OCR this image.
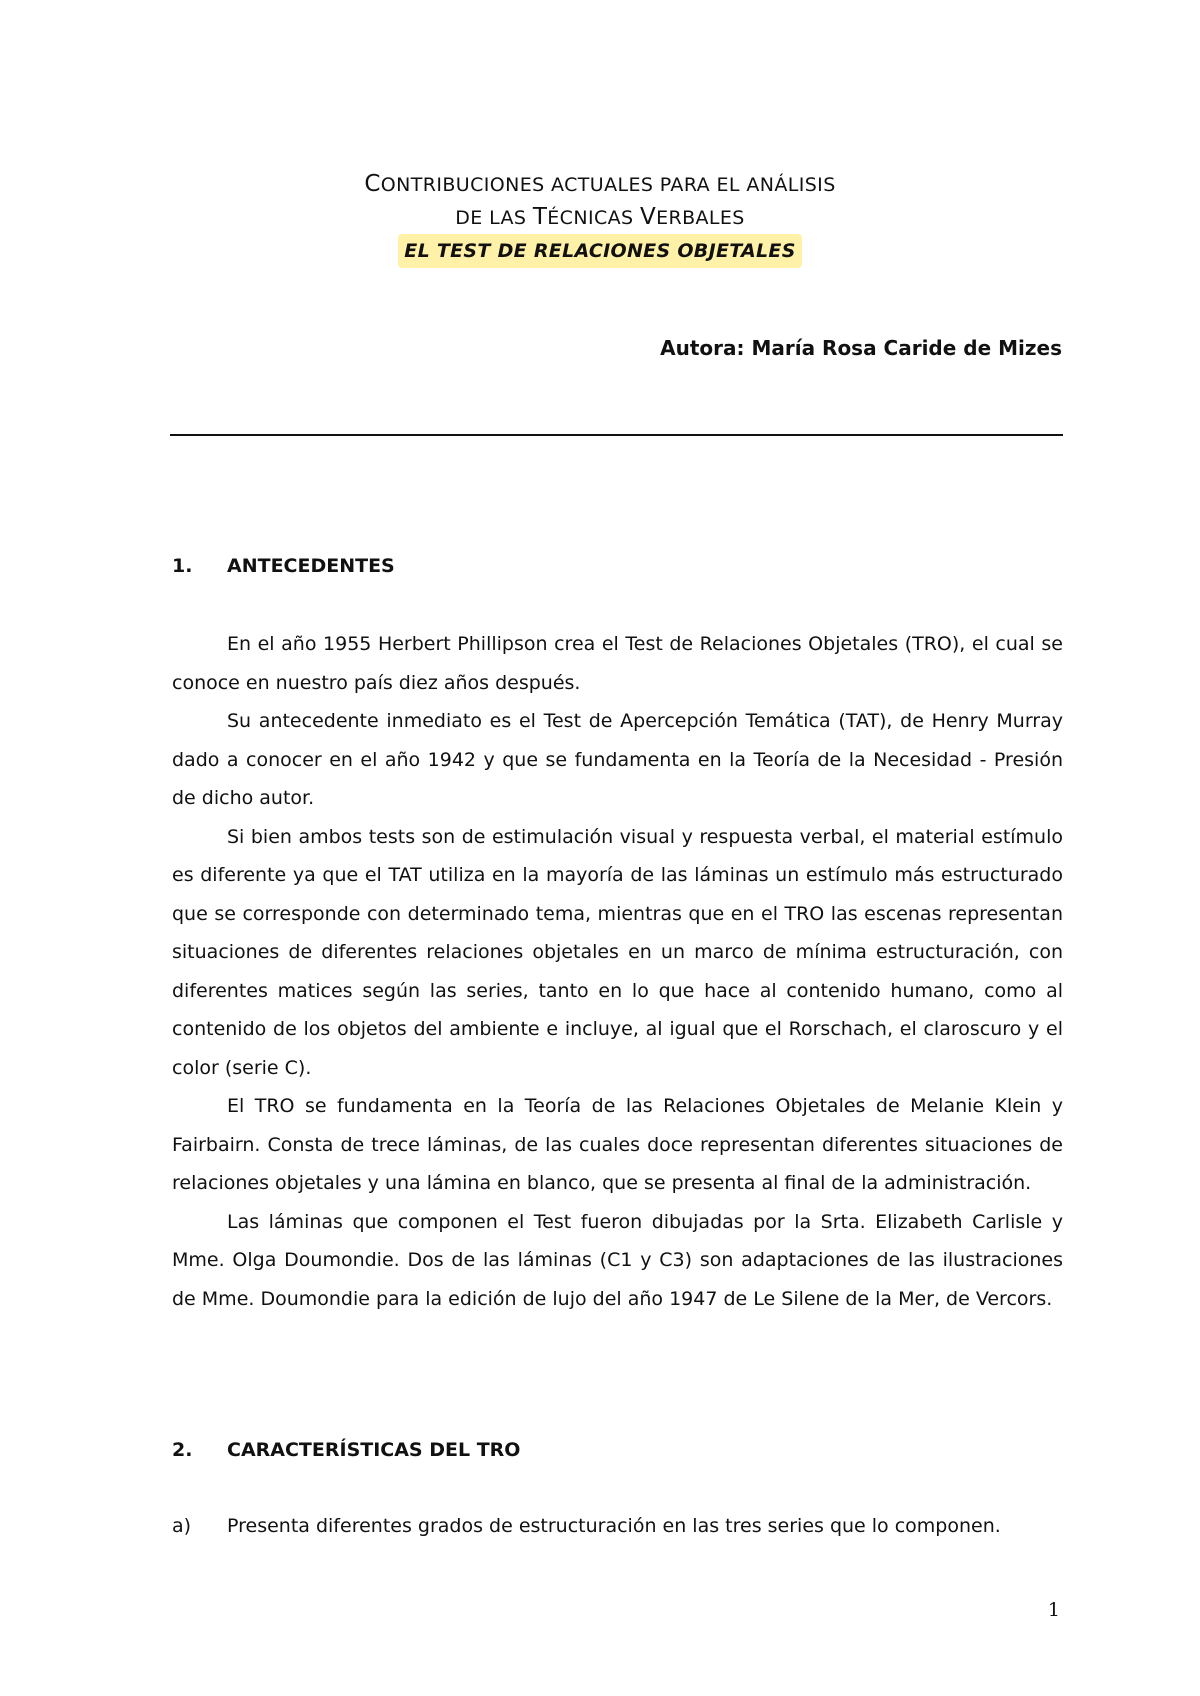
CONTRIBUCIONES ACTUALES PARA EL ANÁLISIS
DE LAS TÉCNICAS VERBALES
EL TEST DE RELACIONES OBJETALES
Autora: María Rosa Caride de Mizes
1. ANTECEDENTES

En el año 1955 Herbert Phillipson crea el Test de Relaciones Objetales (TRO), el cual se conoce en nuestro país diez años después.

Su antecedente inmediato es el Test de Apercepción Temática (TAT), de Henry Murray dado a conocer en el año 1942 y que se fundamenta en la Teoría de la Necesidad - Presión de dicho autor.

Si bien ambos tests son de estimulación visual y respuesta verbal, el material estímulo es diferente ya que el TAT utiliza en la mayoría de las láminas un estímulo más estructurado que se corresponde con determinado tema, mientras que en el TRO las escenas representan situaciones de diferentes relaciones objetales en un marco de mínima estructuración, con diferentes matices según las series, tanto en lo que hace al contenido humano, como al contenido de los objetos del ambiente e incluye, al igual que el Rorschach, el claroscuro y el color (serie C).

El TRO se fundamenta en la Teoría de las Relaciones Objetales de Melanie Klein y Fairbairn. Consta de trece láminas, de las cuales doce representan diferentes situaciones de relaciones objetales y una lámina en blanco, que se presenta al final de la administración.

Las láminas que componen el Test fueron dibujadas por la Srta. Elizabeth Carlisle y Mme. Olga Doumondie. Dos de las láminas (C1 y C3) son adaptaciones de las ilustraciones de Mme. Doumondie para la edición de lujo del año 1947 de Le Silene de la Mer, de Vercors.

2. CARACTERÍSTICAS DEL TRO
a) Presenta diferentes grados de estructuración en las tres series que lo componen.
1
